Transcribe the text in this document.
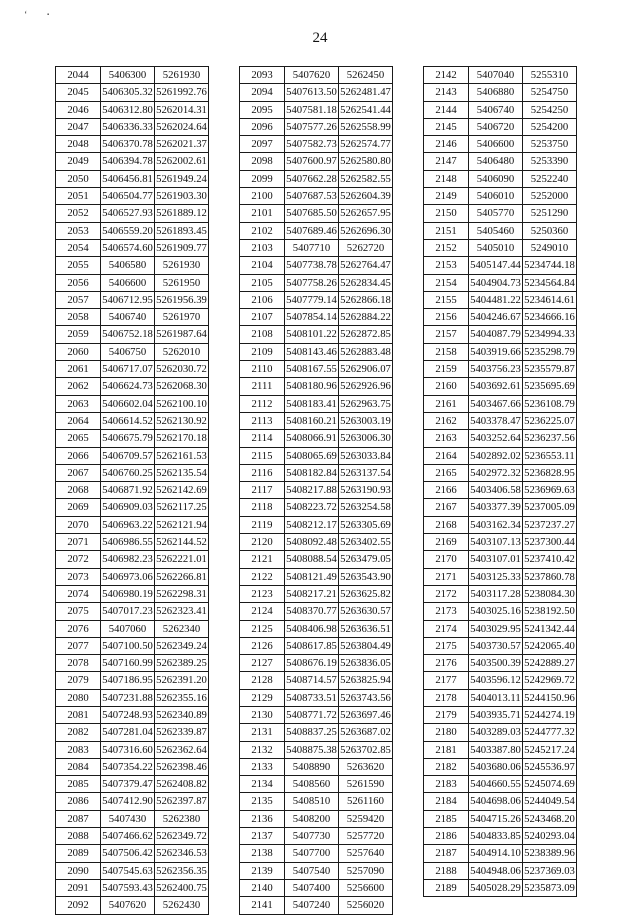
‘	▪
24
2044	5406300	5261930
2045	5406305.32	5261992.76
2046	5406312.80	5262014.31
2047	5406336.33	5262024.64
2048	5406370.78	5262021.37
2049	5406394.78	5262002.61
2050	5406456.81	5261949.24
2051	5406504.77	5261903.30
2052	5406527.93	5261889.12
2053	5406559.20	5261893.45
2054	5406574.60	5261909.77
2055	5406580	5261930
2056	5406600	5261950
2057	5406712.95	5261956.39
2058	5406740	5261970
2059	5406752.18	5261987.64
2060	5406750	5262010
2061	5406717.07	5262030.72
2062	5406624.73	5262068.30
2063	5406602.04	5262100.10
2064	5406614.52	5262130.92
2065	5406675.79	5262170.18
2066	5406709.57	5262161.53
2067	5406760.25	5262135.54
2068	5406871.92	5262142.69
2069	5406909.03	5262117.25
2070	5406963.22	5262121.94
2071	5406986.55	5262144.52
2072	5406982.23	5262221.01
2073	5406973.06	5262266.81
2074	5406980.19	5262298.31
2075	5407017.23	5262323.41
2076	5407060	5262340
2077	5407100.50	5262349.24
2078	5407160.99	5262389.25
2079	5407186.95	5262391.20
2080	5407231.88	5262355.16
2081	5407248.93	5262340.89
2082	5407281.04	5262339.87
2083	5407316.60	5262362.64
2084	5407354.22	5262398.46
2085	5407379.47	5262408.82
2086	5407412.90	5262397.87
2087	5407430	5262380
2088	5407466.62	5262349.72
2089	5407506.42	5262346.53
2090	5407545.63	5262356.35
2091	5407593.43	5262400.75
2092	5407620	5262430
2093	5407620	5262450
2094	5407613.50	5262481.47
2095	5407581.18	5262541.44
2096	5407577.26	5262558.99
2097	5407582.73	5262574.77
2098	5407600.97	5262580.80
2099	5407662.28	5262582.55
2100	5407687.53	5262604.39
2101	5407685.50	5262657.95
2102	5407689.46	5262696.30
2103	5407710	5262720
2104	5407738.78	5262764.47
2105	5407758.26	5262834.45
2106	5407779.14	5262866.18
2107	5407854.14	5262884.22
2108	5408101.22	5262872.85
2109	5408143.46	5262883.48
2110	5408167.55	5262906.07
2111	5408180.96	5262926.96
2112	5408183.41	5262963.75
2113	5408160.21	5263003.19
2114	5408066.91	5263006.30
2115	5408065.69	5263033.84
2116	5408182.84	5263137.54
2117	5408217.88	5263190.93
2118	5408223.72	5263254.58
2119	5408212.17	5263305.69
2120	5408092.48	5263402.55
2121	5408088.54	5263479.05
2122	5408121.49	5263543.90
2123	5408217.21	5263625.82
2124	5408370.77	5263630.57
2125	5408406.98	5263636.51
2126	5408617.85	5263804.49
2127	5408676.19	5263836.05
2128	5408714.57	5263825.94
2129	5408733.51	5263743.56
2130	5408771.72	5263697.46
2131	5408837.25	5263687.02
2132	5408875.38	5263702.85
2133	5408890	5263620
2134	5408560	5261590
2135	5408510	5261160
2136	5408200	5259420
2137	5407730	5257720
2138	5407700	5257640
2139	5407540	5257090
2140	5407400	5256600
2141	5407240	5256020
2142	5407040	5255310
2143	5406880	5254750
2144	5406740	5254250
2145	5406720	5254200
2146	5406600	5253750
2147	5406480	5253390
2148	5406090	5252240
2149	5406010	5252000
2150	5405770	5251290
2151	5405460	5250360
2152	5405010	5249010
2153	5405147.44	5234744.18
2154	5404904.73	5234564.84
2155	5404481.22	5234614.61
2156	5404246.67	5234666.16
2157	5404087.79	5234994.33
2158	5403919.66	5235298.79
2159	5403756.23	5235579.87
2160	5403692.61	5235695.69
2161	5403467.66	5236108.79
2162	5403378.47	5236225.07
2163	5403252.64	5236237.56
2164	5402892.02	5236553.11
2165	5402972.32	5236828.95
2166	5403406.58	5236969.63
2167	5403377.39	5237005.09
2168	5403162.34	5237237.27
2169	5403107.13	5237300.44
2170	5403107.01	5237410.42
2171	5403125.33	5237860.78
2172	5403117.28	5238084.30
2173	5403025.16	5238192.50
2174	5403029.95	5241342.44
2175	5403730.57	5242065.40
2176	5403500.39	5242889.27
2177	5403596.12	5242969.72
2178	5404013.11	5244150.96
2179	5403935.71	5244274.19
2180	5403289.03	5244777.32
2181	5403387.80	5245217.24
2182	5403680.06	5245536.97
2183	5404660.55	5245074.69
2184	5404698.06	5244049.54
2185	5404715.26	5243468.20
2186	5404833.85	5240293.04
2187	5404914.10	5238389.96
2188	5404948.06	5237369.03
2189	5405028.29	5235873.09
